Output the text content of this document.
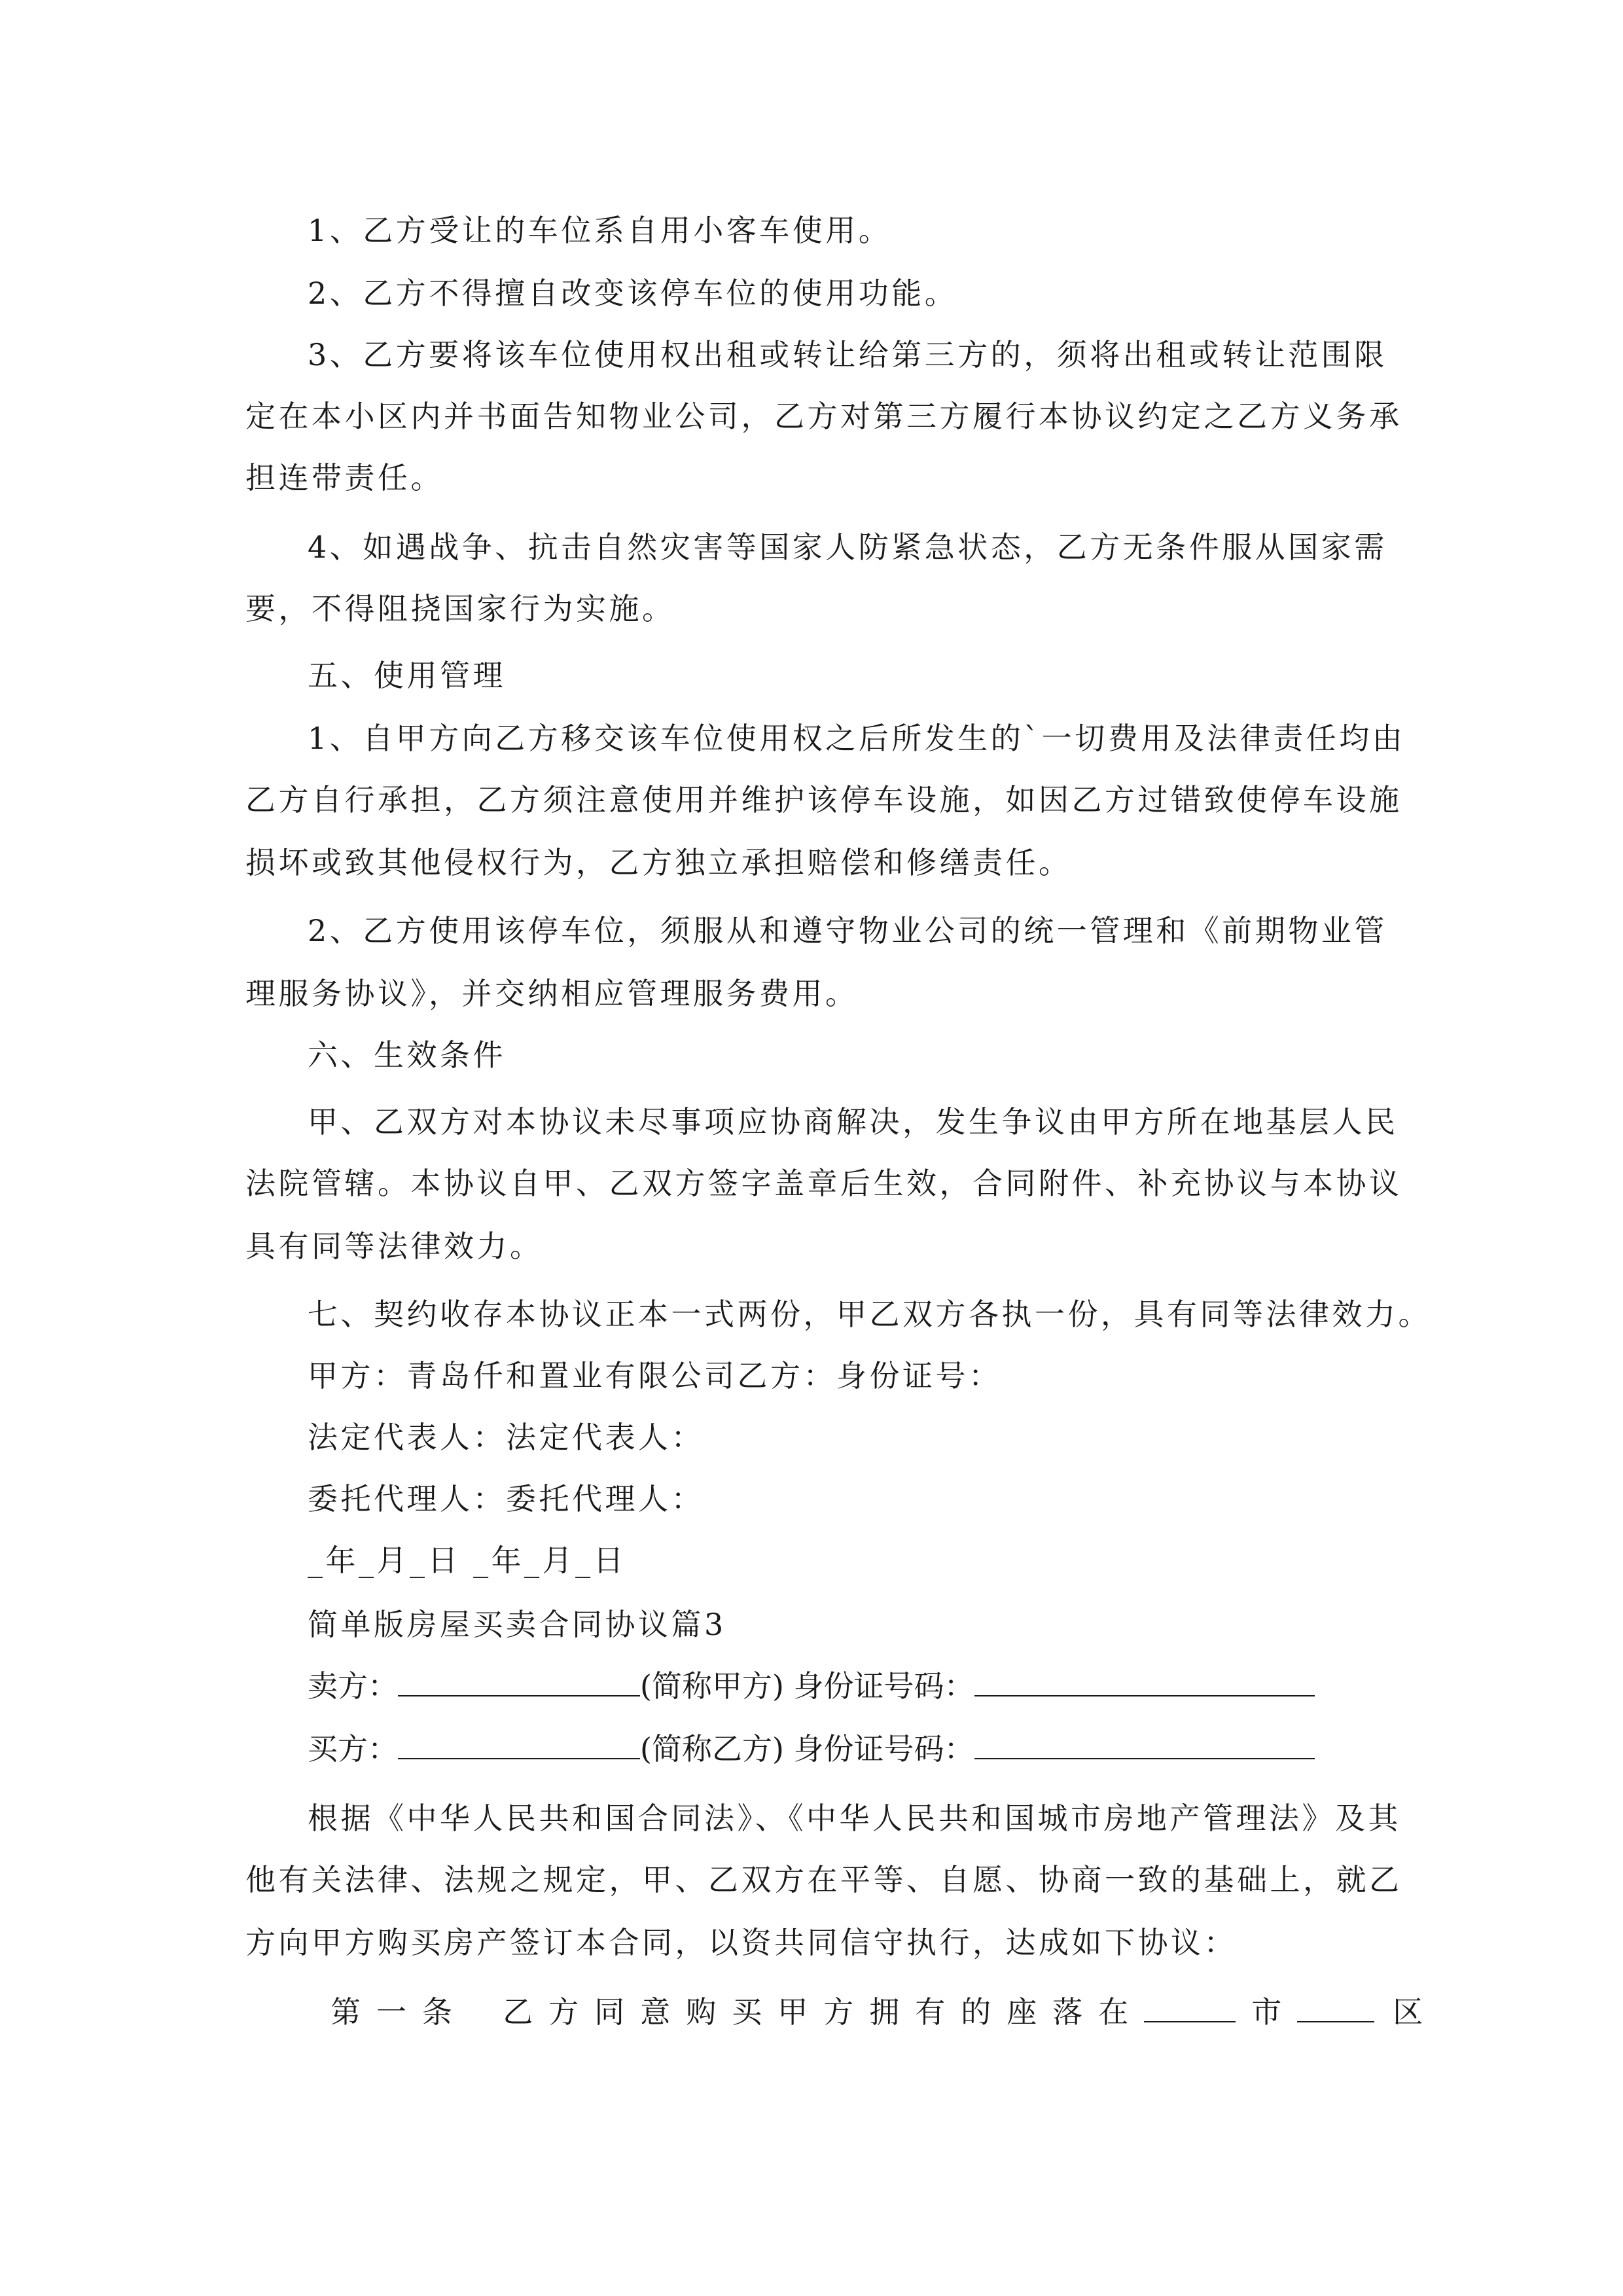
1、乙方受让的车位系自用小客车使用。
2、乙方不得擅自改变该停车位的使用功能。
3、乙方要将该车位使用权出租或转让给第三方的，须将出租或转让范围限
定在本小区内并书面告知物业公司，乙方对第三方履行本协议约定之乙方义务承
担连带责任。
4、如遇战争、抗击自然灾害等国家人防紧急状态，乙方无条件服从国家需
要，不得阻挠国家行为实施。
五、使用管理
1、自甲方向乙方移交该车位使用权之后所发生的`一切费用及法律责任均由
乙方自行承担，乙方须注意使用并维护该停车设施，如因乙方过错致使停车设施
损坏或致其他侵权行为，乙方独立承担赔偿和修缮责任。
2、乙方使用该停车位，须服从和遵守物业公司的统一管理和《前期物业管
理服务协议》，并交纳相应管理服务费用。
六、生效条件
甲、乙双方对本协议未尽事项应协商解决，发生争议由甲方所在地基层人民
法院管辖。本协议自甲、乙双方签字盖章后生效，合同附件、补充协议与本协议
具有同等法律效力。
七、契约收存本协议正本一式两份，甲乙双方各执一份，具有同等法律效力。
甲方：青岛仟和置业有限公司乙方：身份证号：
法定代表人：法定代表人：
委托代理人：委托代理人：
_年_月_日 _年_月_日
简单版房屋买卖合同协议篇3
卖方：	(简称甲方) 身份证号码：
买方：	(简称乙方) 身份证号码：
根据《中华人民共和国合同法》、《中华人民共和国城市房地产管理法》及其
他有关法律、法规之规定，甲、乙双方在平等、自愿、协商一致的基础上，就乙
方向甲方购买房产签订本合同，以资共同信守执行，达成如下协议：
第一条 乙方同意购买甲方拥有的座落在	市	区
